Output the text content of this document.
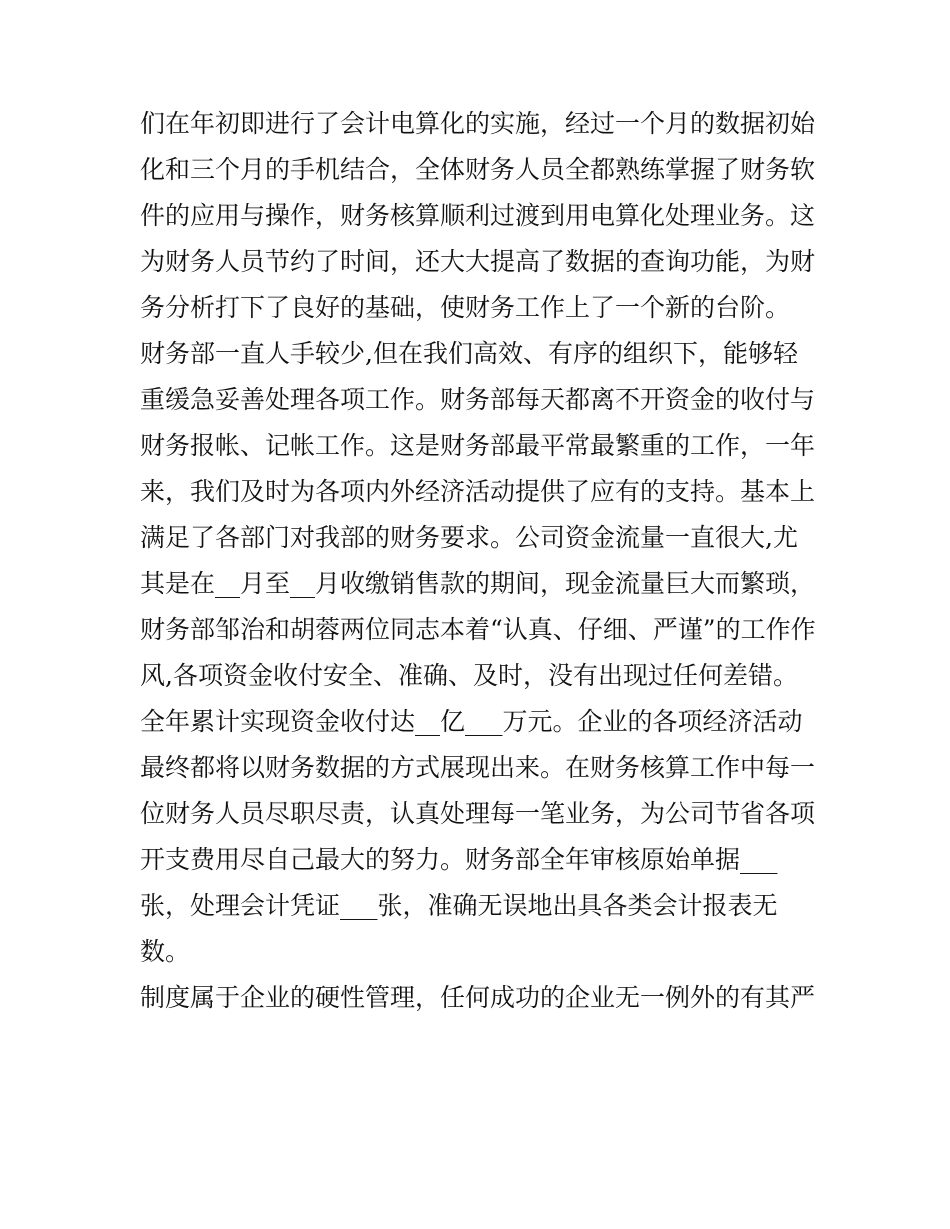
们在年初即进行了会计电算化的实施，经过一个月的数据初始
化和三个月的手机结合，全体财务人员全都熟练掌握了财务软
件的应用与操作，财务核算顺利过渡到用电算化处理业务。这
为财务人员节约了时间，还大大提高了数据的查询功能，为财
务分析打下了良好的基础，使财务工作上了一个新的台阶。
财务部一直人手较少,但在我们高效、有序的组织下，能够轻
重缓急妥善处理各项工作。财务部每天都离不开资金的收付与
财务报帐、记帐工作。这是财务部最平常最繁重的工作，一年
来，我们及时为各项内外经济活动提供了应有的支持。基本上
满足了各部门对我部的财务要求。公司资金流量一直很大,尤
其是在__月至__月收缴销售款的期间，现金流量巨大而繁琐，
财务部邹治和胡蓉两位同志本着“认真、仔细、严谨”的工作作
风,各项资金收付安全、准确、及时，没有出现过任何差错。
全年累计实现资金收付达__亿___万元。企业的各项经济活动
最终都将以财务数据的方式展现出来。在财务核算工作中每一
位财务人员尽职尽责，认真处理每一笔业务，为公司节省各项
开支费用尽自己最大的努力。财务部全年审核原始单据___
张，处理会计凭证___张，准确无误地出具各类会计报表无
数。
制度属于企业的硬性管理，任何成功的企业无一例外的有其严
